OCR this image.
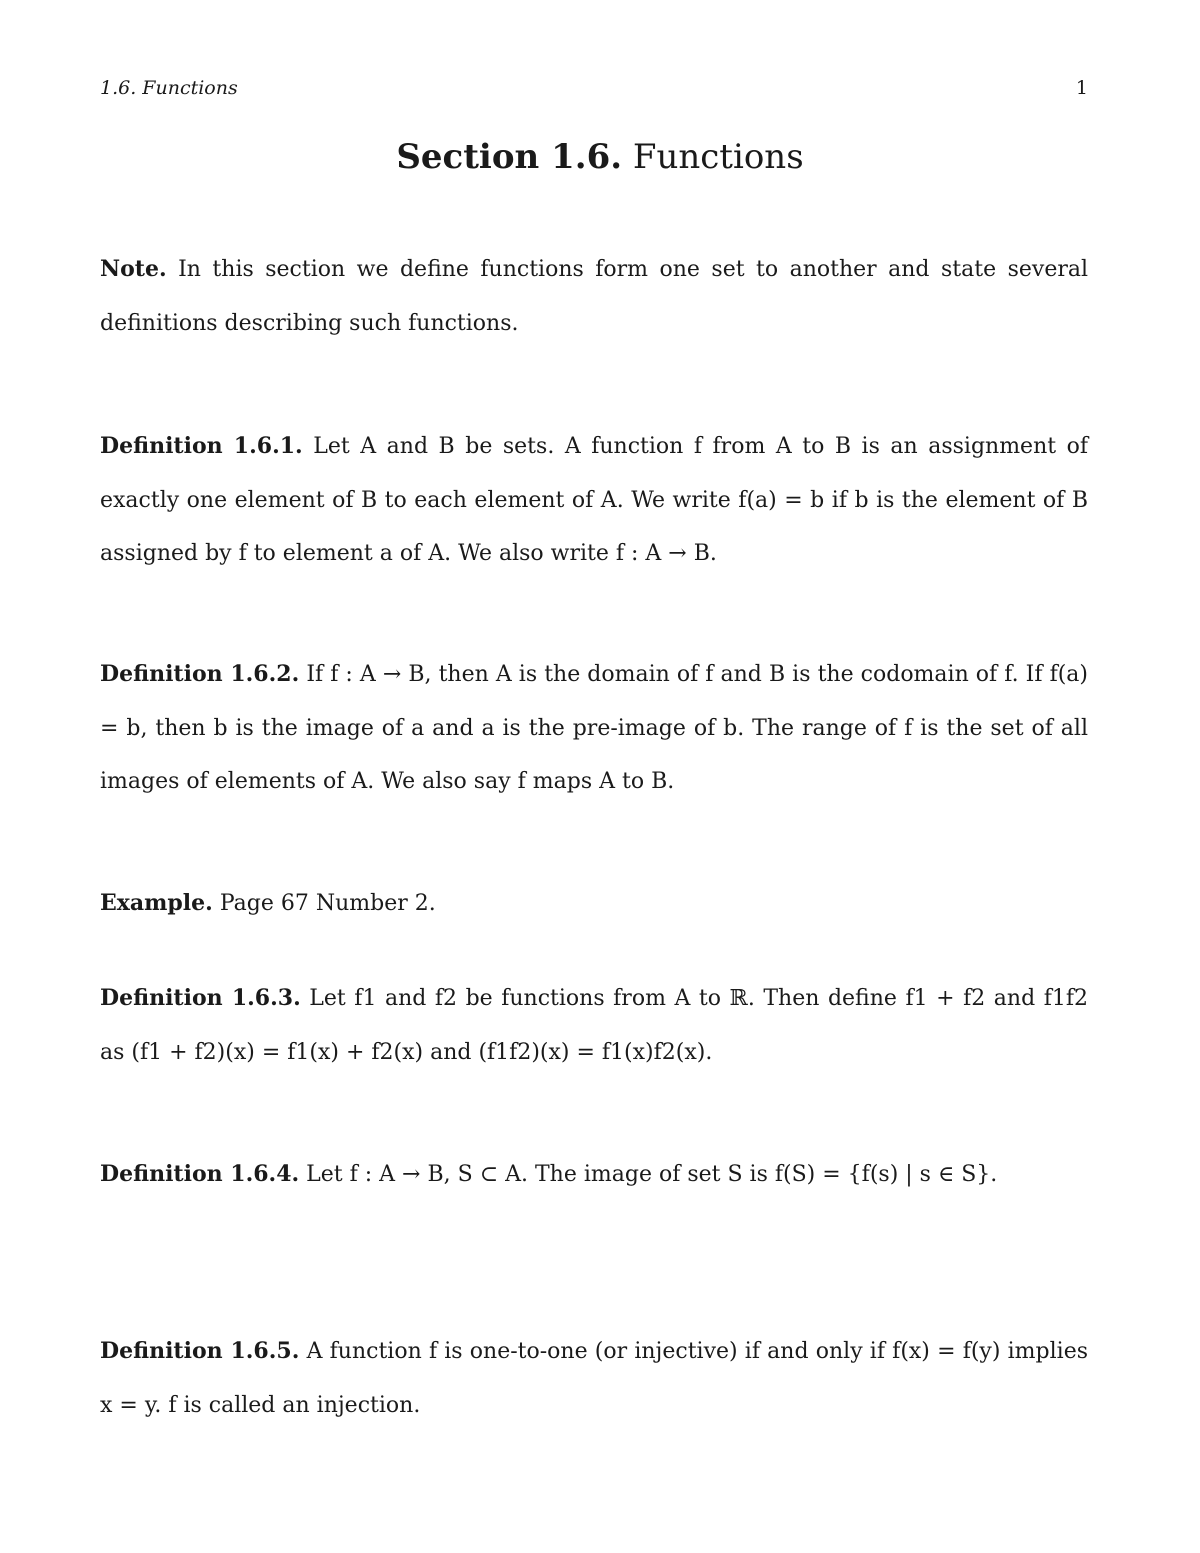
1.6. Functions	1
Section 1.6. Functions
Note. In this section we define functions form one set to another and state several definitions describing such functions.
Definition 1.6.1. Let A and B be sets. A function f from A to B is an assignment of exactly one element of B to each element of A. We write f(a) = b if b is the element of B assigned by f to element a of A. We also write f : A → B.
Definition 1.6.2. If f : A → B, then A is the domain of f and B is the codomain of f. If f(a) = b, then b is the image of a and a is the pre-image of b. The range of f is the set of all images of elements of A. We also say f maps A to B.
Example. Page 67 Number 2.
Definition 1.6.3. Let f1 and f2 be functions from A to ℝ. Then define f1 + f2 and f1f2 as (f1 + f2)(x) = f1(x) + f2(x) and (f1f2)(x) = f1(x)f2(x).
Definition 1.6.4. Let f : A → B, S ⊂ A. The image of set S is f(S) = {f(s) | s ∈ S}.
Definition 1.6.5. A function f is one-to-one (or injective) if and only if f(x) = f(y) implies x = y. f is called an injection.
